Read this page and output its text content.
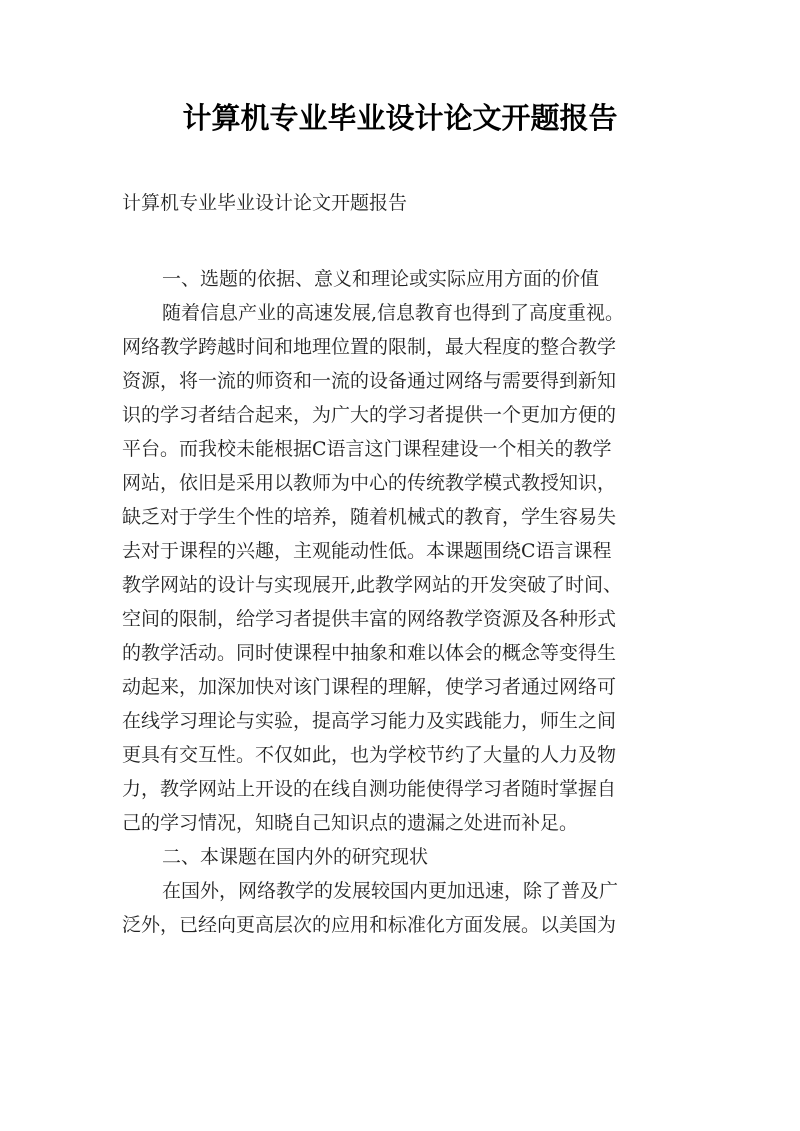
计算机专业毕业设计论文开题报告
计算机专业毕业设计论文开题报告
一、选题的依据、意义和理论或实际应用方面的价值
随着信息产业的高速发展,信息教育也得到了高度重视。
网络教学跨越时间和地理位置的限制，最大程度的整合教学
资源，将一流的师资和一流的设备通过网络与需要得到新知
识的学习者结合起来，为广大的学习者提供一个更加方便的
平台。而我校未能根据C语言这门课程建设一个相关的教学
网站，依旧是采用以教师为中心的传统教学模式教授知识，
缺乏对于学生个性的培养，随着机械式的教育，学生容易失
去对于课程的兴趣，主观能动性低。本课题围绕C语言课程
教学网站的设计与实现展开,此教学网站的开发突破了时间、
空间的限制，给学习者提供丰富的网络教学资源及各种形式
的教学活动。同时使课程中抽象和难以体会的概念等变得生
动起来，加深加快对该门课程的理解，使学习者通过网络可
在线学习理论与实验，提高学习能力及实践能力，师生之间
更具有交互性。不仅如此，也为学校节约了大量的人力及物
力，教学网站上开设的在线自测功能使得学习者随时掌握自
己的学习情况，知晓自己知识点的遗漏之处进而补足。
二、本课题在国内外的研究现状
在国外，网络教学的发展较国内更加迅速，除了普及广
泛外，已经向更高层次的应用和标准化方面发展。以美国为
